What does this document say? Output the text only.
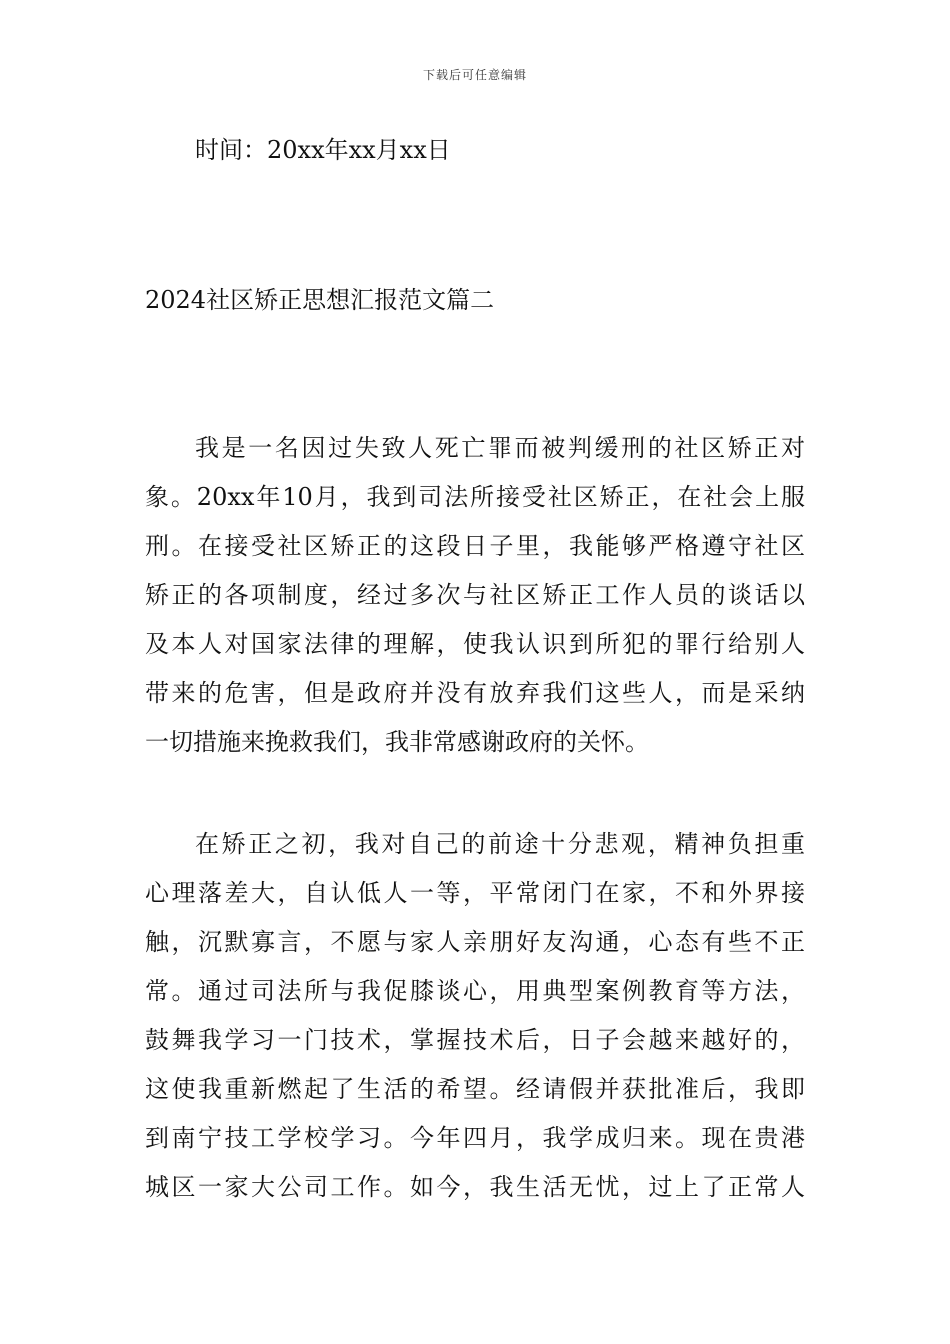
下载后可任意编辑
时间：20xx年xx月xx日
2024社区矫正思想汇报范文篇二
我是一名因过失致人死亡罪而被判缓刑的社区矫正对
象。20xx年10月，我到司法所接受社区矫正，在社会上服
刑。在接受社区矫正的这段日子里，我能够严格遵守社区
矫正的各项制度，经过多次与社区矫正工作人员的谈话以
及本人对国家法律的理解，使我认识到所犯的罪行给别人
带来的危害，但是政府并没有放弃我们这些人，而是采纳
一切措施来挽救我们，我非常感谢政府的关怀。
在矫正之初，我对自己的前途十分悲观，精神负担重
心理落差大，自认低人一等，平常闭门在家，不和外界接
触，沉默寡言，不愿与家人亲朋好友沟通，心态有些不正
常。通过司法所与我促膝谈心，用典型案例教育等方法，
鼓舞我学习一门技术，掌握技术后，日子会越来越好的，
这使我重新燃起了生活的希望。经请假并获批准后，我即
到南宁技工学校学习。今年四月，我学成归来。现在贵港
城区一家大公司工作。如今，我生活无忧，过上了正常人
